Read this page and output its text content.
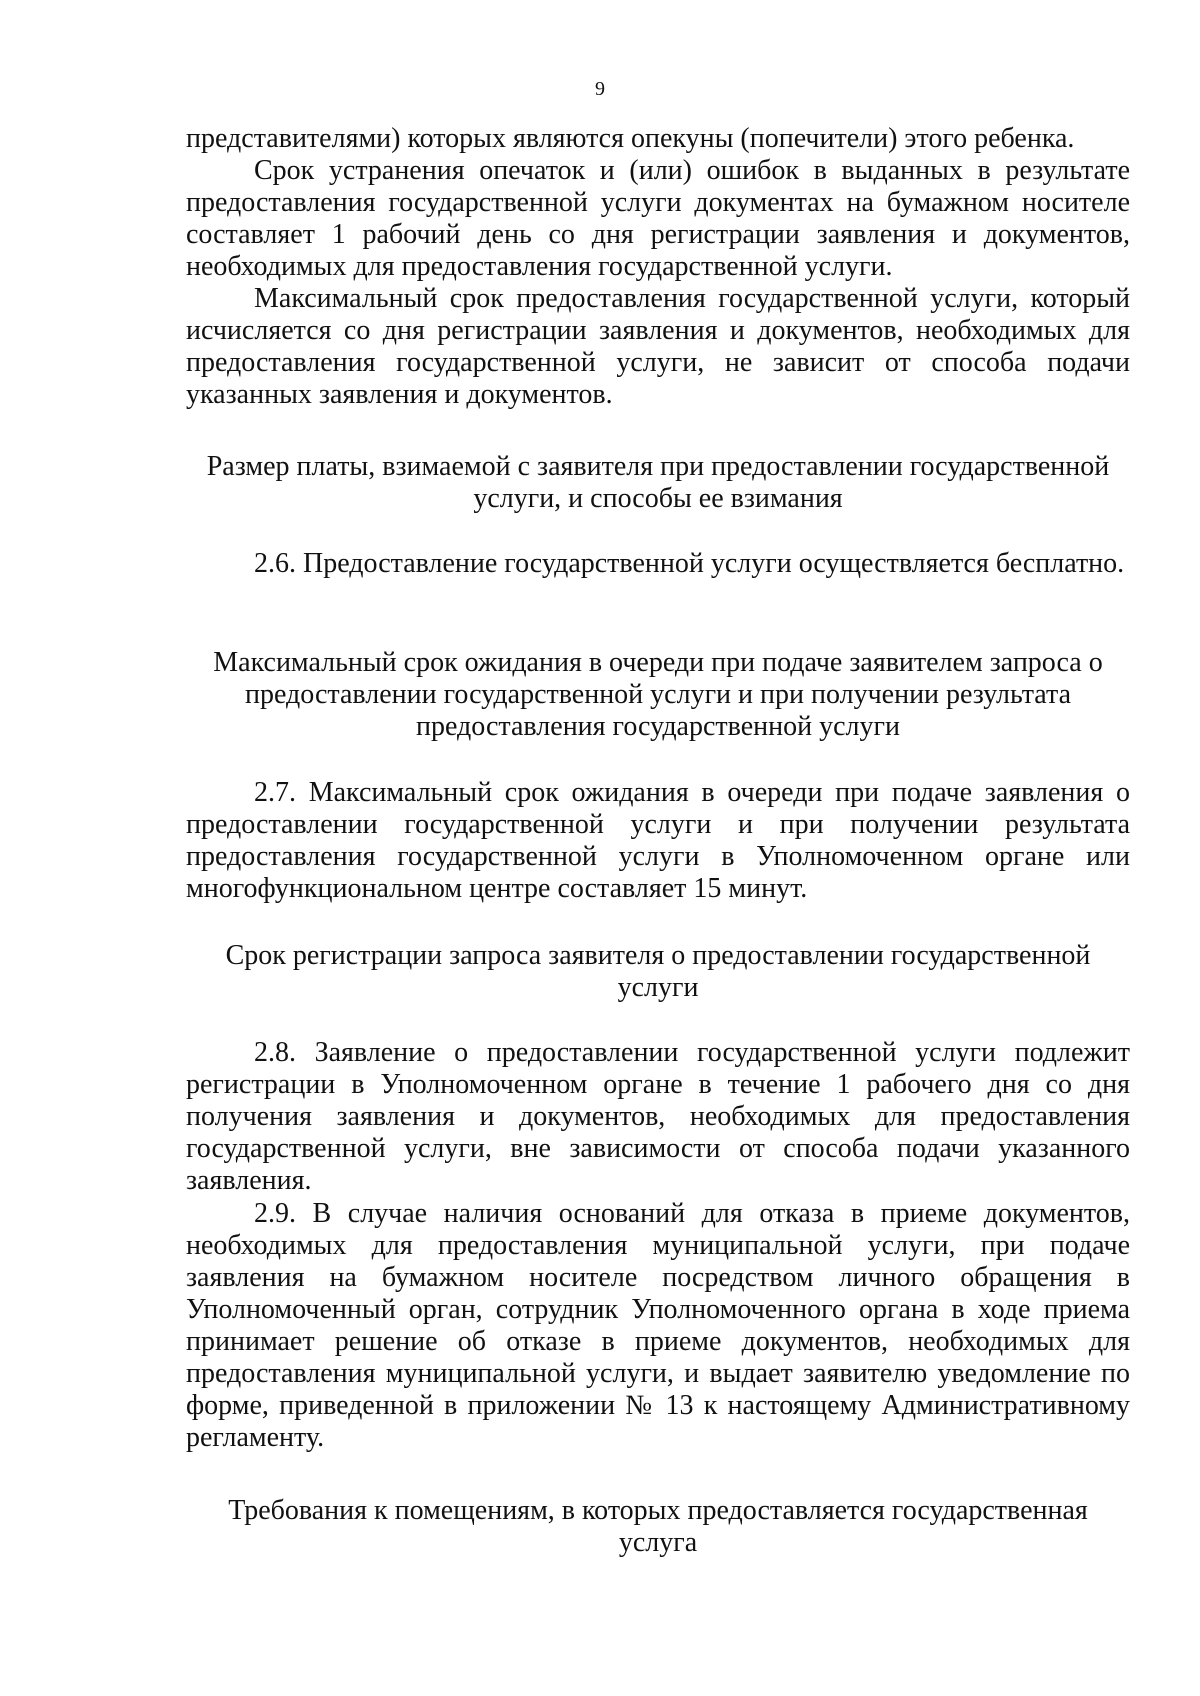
9

представителями) которых являются опекуны (попечители) этого ребенка.

Срок устранения опечаток и (или) ошибок в выданных в результате предоставления государственной услуги документах на бумажном носителе составляет 1 рабочий день со дня регистрации заявления и документов, необходимых для предоставления государственной услуги.

Максимальный срок предоставления государственной услуги, который исчисляется со дня регистрации заявления и документов, необходимых для предоставления государственной услуги, не зависит от способа подачи указанных заявления и документов.

Размер платы, взимаемой с заявителя при предоставлении государственной
услуги, и способы ее взимания

2.6. Предоставление государственной услуги осуществляется бесплатно.

Максимальный срок ожидания в очереди при подаче заявителем запроса о
предоставлении государственной услуги и при получении результата
предоставления государственной услуги

2.7. Максимальный срок ожидания в очереди при подаче заявления о предоставлении государственной услуги и при получении результата предоставления государственной услуги в Уполномоченном органе или многофункциональном центре составляет 15 минут.

Срок регистрации запроса заявителя о предоставлении государственной
услуги

2.8. Заявление о предоставлении государственной услуги подлежит регистрации в Уполномоченном органе в течение 1 рабочего дня со дня получения заявления и документов, необходимых для предоставления государственной услуги, вне зависимости от способа подачи указанного заявления.

2.9. В случае наличия оснований для отказа в приеме документов, необходимых для предоставления муниципальной услуги, при подаче заявления на бумажном носителе посредством личного обращения в Уполномоченный орган, сотрудник Уполномоченного органа в ходе приема принимает решение об отказе в приеме документов, необходимых для предоставления муниципальной услуги, и выдает заявителю уведомление по форме, приведенной в приложении № 13 к настоящему Административному регламенту.

Требования к помещениям, в которых предоставляется государственная
услуга
